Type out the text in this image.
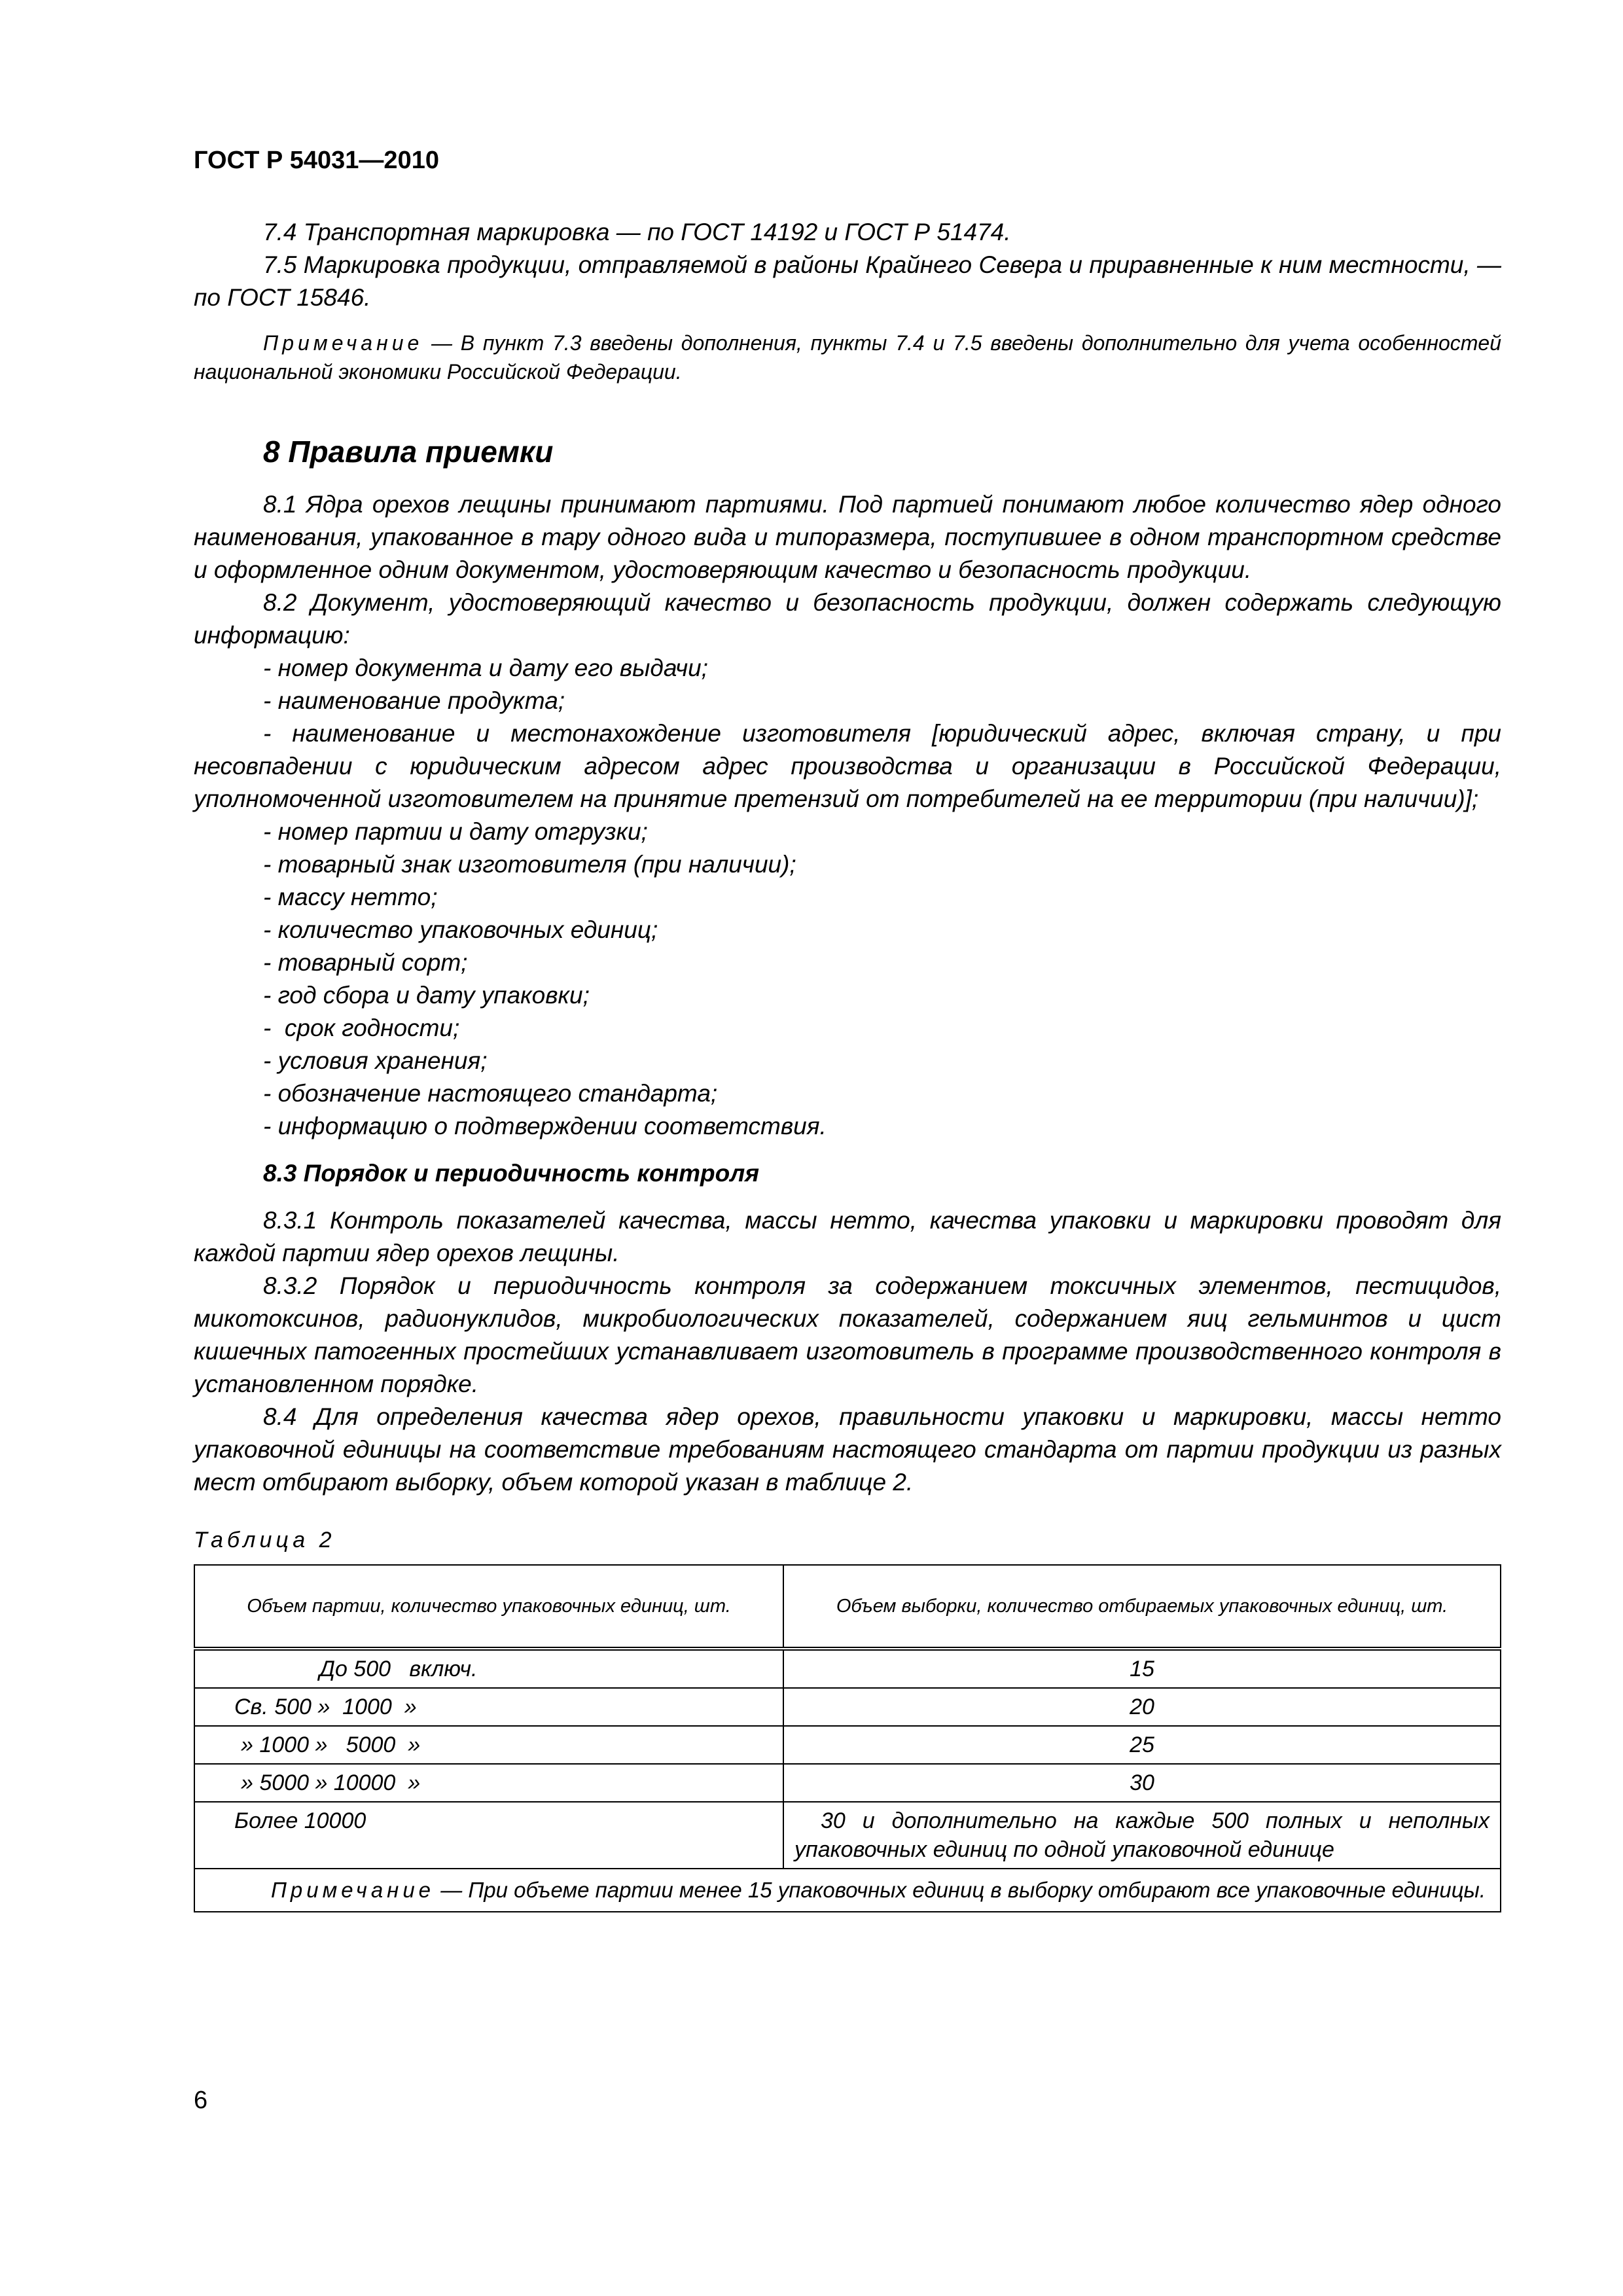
ГОСТ Р 54031—2010

7.4 Транспортная маркировка — по ГОСТ 14192 и ГОСТ Р 51474.

7.5 Маркировка продукции, отправляемой в районы Крайнего Севера и приравненные к ним местности, — по ГОСТ 15846.

Примечание — В пункт 7.3 введены дополнения, пункты 7.4 и 7.5 введены дополнительно для учета особенностей национальной экономики Российской Федерации.

8 Правила приемки

8.1 Ядра орехов лещины принимают партиями. Под партией понимают любое количество ядер одного наименования, упакованное в тару одного вида и типоразмера, поступившее в одном транспортном средстве и оформленное одним документом, удостоверяющим качество и безопасность продукции.

8.2 Документ, удостоверяющий качество и безопасность продукции, должен содержать следующую информацию:

- номер документа и дату его выдачи;

- наименование продукта;

- наименование и местонахождение изготовителя [юридический адрес, включая страну, и при несовпадении с юридическим адресом адрес производства и организации в Российской Федерации, уполномоченной изготовителем на принятие претензий от потребителей на ее территории (при наличии)];

- номер партии и дату отгрузки;

- товарный знак изготовителя (при наличии);

- массу нетто;

- количество упаковочных единиц;

- товарный сорт;

- год сбора и дату упаковки;

-  срок годности;

- условия хранения;

- обозначение настоящего стандарта;

- информацию о подтверждении соответствия.

8.3 Порядок и периодичность контроля

8.3.1 Контроль показателей качества, массы нетто, качества упаковки и маркировки проводят для каждой партии ядер орехов лещины.

8.3.2 Порядок и периодичность контроля за содержанием токсичных элементов, пестицидов, микотоксинов, радионуклидов, микробиологических показателей, содержанием яиц гельминтов и цист кишечных патогенных простейших устанавливает изготовитель в программе производственного контроля в установленном порядке.

8.4 Для определения качества ядер орехов, правильности упаковки и маркировки, массы нетто упаковочной единицы на соответствие требованиям настоящего стандарта от партии продукции из разных мест отбирают выборку, объем которой указан в таблице 2.

Таблица 2
Объем партии, количество упаковочных единиц, шт.	Объем выборки, количество отбираемых упаковочных единиц, шт.
До 500   включ.	15
Св. 500 »  1000  »	20
» 1000 »   5000  »	25
» 5000 » 10000  »	30
Более 10000	30 и дополнительно на каждые 500 полных и неполных упаковочных единиц по одной упаковочной единице
Примечание — При объеме партии менее 15 упаковочных единиц в выборку отбирают все упаковочные единицы.	
6
